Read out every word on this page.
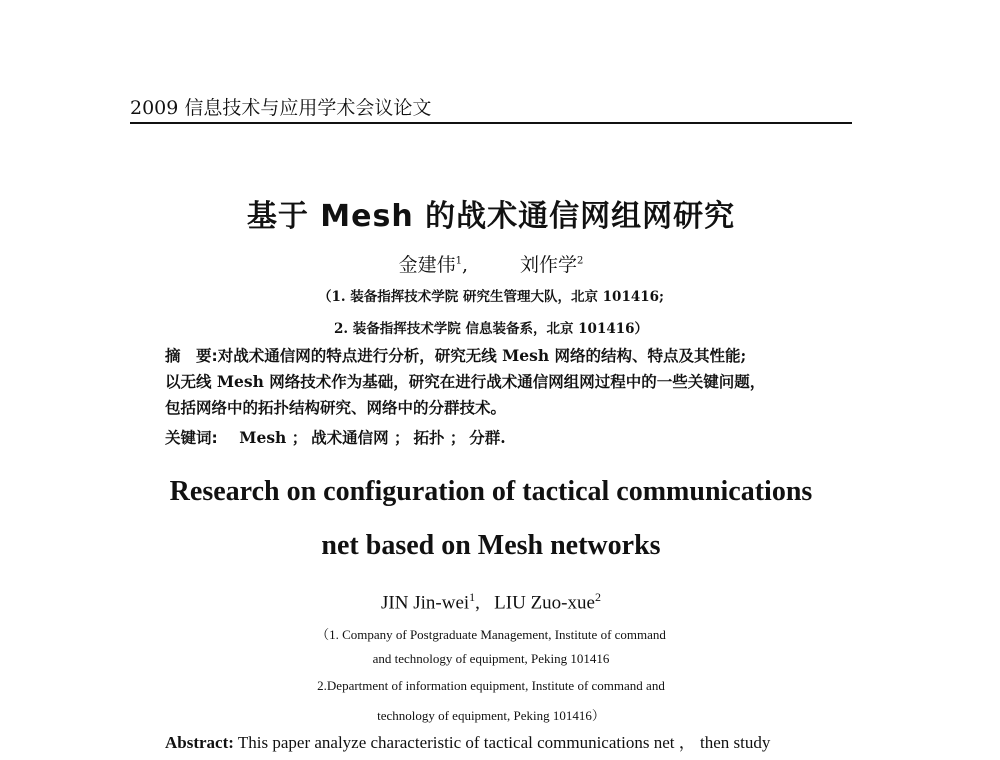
2009 信息技术与应用学术会议论文
基于 Mesh 的战术通信网组网研究
金建伟$^1$,	刘作学$^2$
（1. 装备指挥技术学院 研究生管理大队，北京 101416;
2. 装备指挥技术学院 信息装备系，北京 101416）
摘　要:对战术通信网的特点进行分析，研究无线 Mesh 网络的结构、特点及其性能;
以无线 Mesh 网络技术作为基础，研究在进行战术通信网组网过程中的一些关键问题，
包括网络中的拓扑结构研究、网络中的分群技术。
关键词: Mesh ； 战术通信网 ； 拓扑 ； 分群.
Research on configuration of tactical communications
net based on Mesh networks
JIN Jin-wei$^1$,   LIU Zuo-xue$^2$
（1. Company of Postgraduate Management, Institute of command
and technology of equipment, Peking 101416
2.Department of information equipment, Institute of command and
technology of equipment, Peking 101416）
Abstract: This paper analyze characteristic of tactical communications net ， then study
